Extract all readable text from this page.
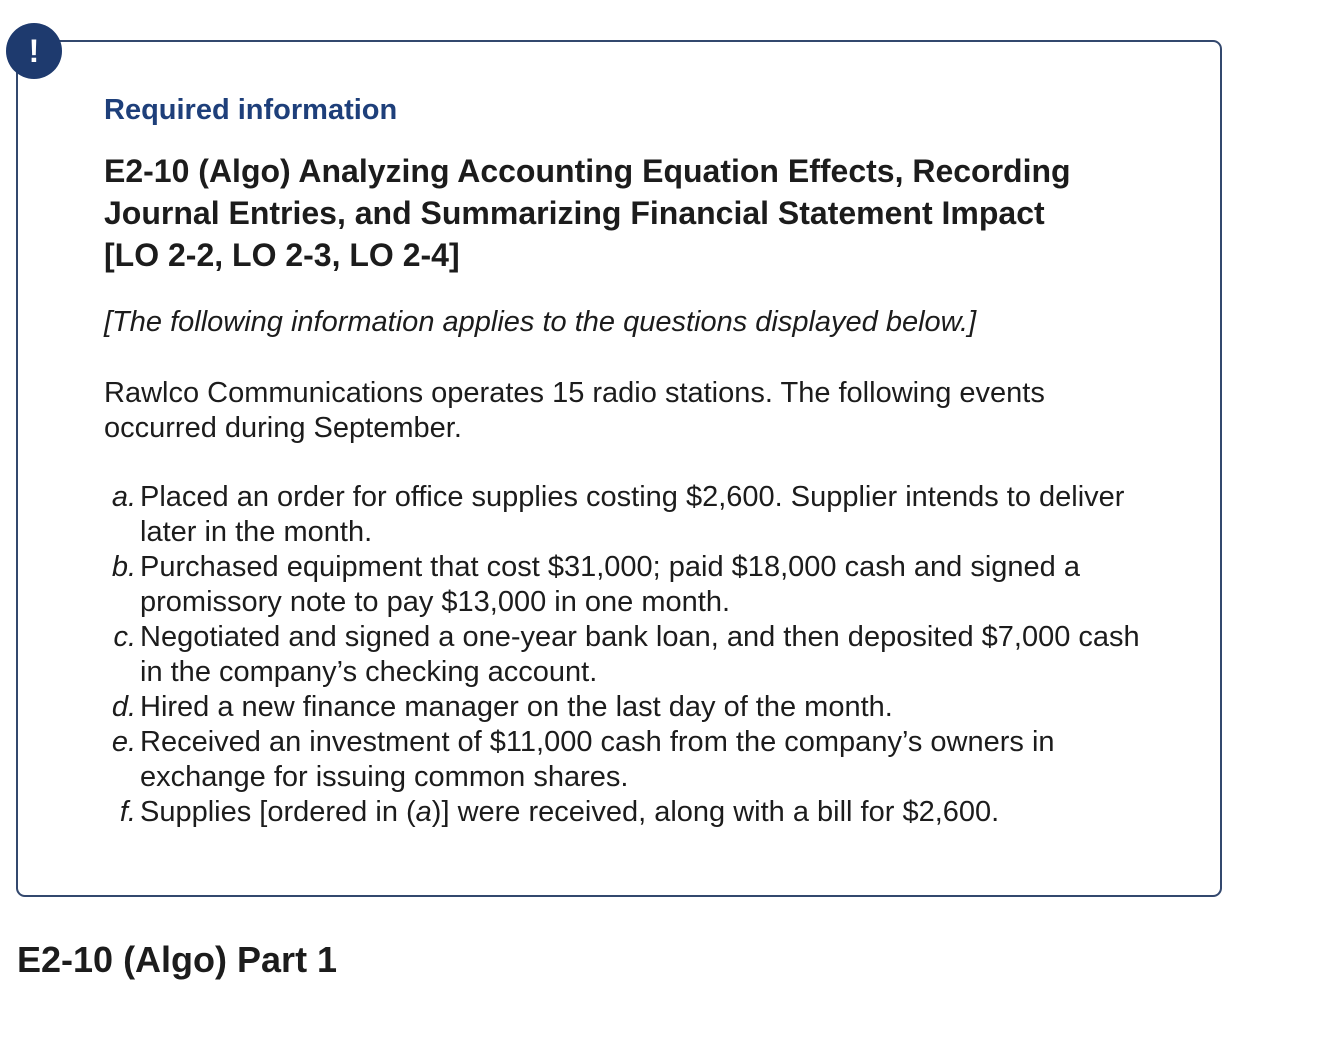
!
Required information
E2-10 (Algo) Analyzing Accounting Equation Effects, Recording
Journal Entries, and Summarizing Financial Statement Impact
[LO 2-2, LO 2-3, LO 2-4]

[The following information applies to the questions displayed below.]

Rawlco Communications operates 15 radio stations. The following events occurred during September.

a. Placed an order for office supplies costing $2,600. Supplier intends to deliver later in the month.
b. Purchased equipment that cost $31,000; paid $18,000 cash and signed a promissory note to pay $13,000 in one month.
c. Negotiated and signed a one-year bank loan, and then deposited $7,000 cash in the company’s checking account.
d. Hired a new finance manager on the last day of the month.
e. Received an investment of $11,000 cash from the company’s owners in exchange for issuing common shares.
f. Supplies [ordered in (a)] were received, along with a bill for $2,600.
E2-10 (Algo) Part 1
